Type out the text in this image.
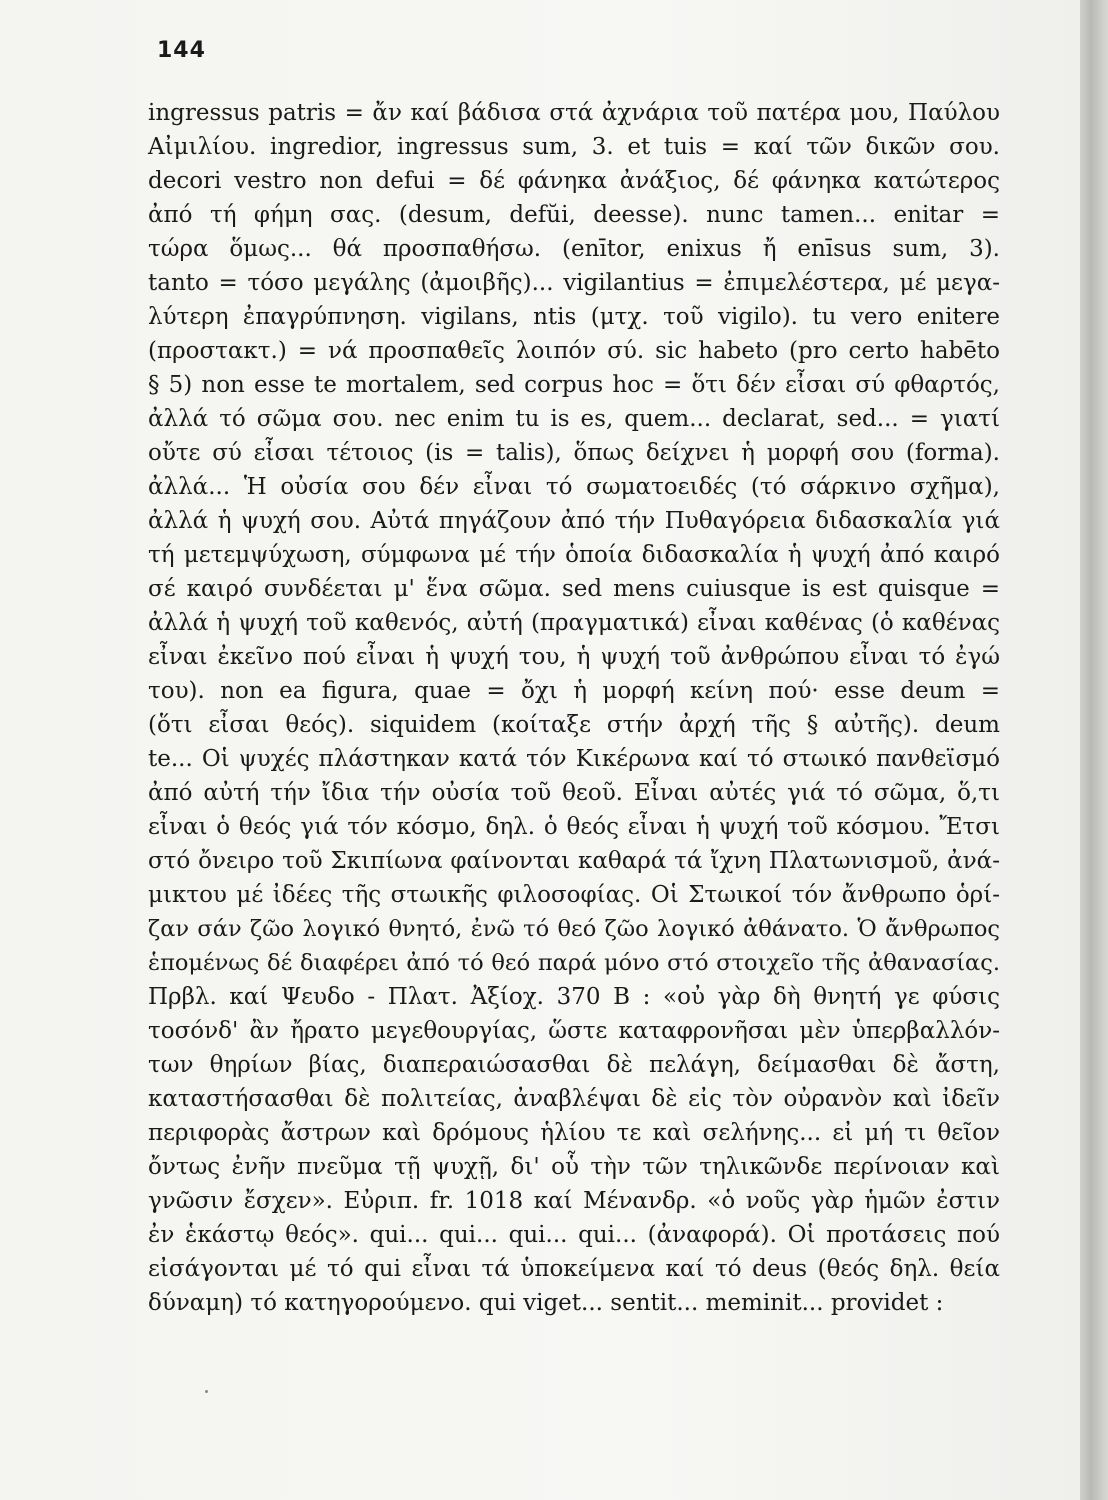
144
ingressus patris = ἄν καί βάδισα στά ἀχνάρια τοῦ πατέρα μου, Παύλου
Αἰμιλίου. ingredior, ingressus sum, 3. et tuis = καί τῶν δικῶν σου.
decori vestro non defui = δέ φάνηκα ἀνάξιος, δέ φάνηκα κατώτερος
ἀπό τή φήμη σας. (desum, defŭi, deesse). nunc tamen... enitar =
τώρα ὅμως... θά προσπαθήσω. (enītor, enixus ἤ enīsus sum, 3).
tanto = τόσο μεγάλης (ἀμοιβῆς)... vigilantius = ἐπιμελέστερα, μέ μεγα-
λύτερη ἐπαγρύπνηση. vigilans, ntis (μτχ. τοῦ vigilo). tu vero enitere
(προστακτ.) = νά προσπαθεῖς λοιπόν σύ. sic habeto (pro certo habēto
§ 5) non esse te mortalem, sed corpus hoc = ὅτι δέν εἶσαι σύ φθαρτός,
ἀλλά τό σῶμα σου. nec enim tu is es, quem... declarat, sed... = γιατί
οὔτε σύ εἶσαι τέτοιος (is = talis), ὅπως δείχνει ἡ μορφή σου (forma).
ἀλλά... Ἡ οὐσία σου δέν εἶναι τό σωματοειδές (τό σάρκινο σχῆμα),
ἀλλά ἡ ψυχή σου. Αὐτά πηγάζουν ἀπό τήν Πυθαγόρεια διδασκαλία γιά
τή μετεμψύχωση, σύμφωνα μέ τήν ὁποία διδασκαλία ἡ ψυχή ἀπό καιρό
σέ καιρό συνδέεται μ' ἕνα σῶμα. sed mens cuiusque is est quisque =
ἀλλά ἡ ψυχή τοῦ καθενός, αὐτή (πραγματικά) εἶναι καθένας (ὁ καθένας
εἶναι ἐκεῖνο πού εἶναι ἡ ψυχή του, ἡ ψυχή τοῦ ἀνθρώπου εἶναι τό ἐγώ
του). non ea figura, quae = ὄχι ἡ μορφή κείνη πού· esse deum =
(ὅτι εἶσαι θεός). siquidem (κοίταξε στήν ἀρχή τῆς § αὐτῆς). deum
te... Οἱ ψυχές πλάστηκαν κατά τόν Κικέρωνα καί τό στωικό πανθεϊσμό
ἀπό αὐτή τήν ἴδια τήν οὐσία τοῦ θεοῦ. Εἶναι αὐτές γιά τό σῶμα, ὅ,τι
εἶναι ὁ θεός γιά τόν κόσμο, δηλ. ὁ θεός εἶναι ἡ ψυχή τοῦ κόσμου. Ἔτσι
στό ὄνειρο τοῦ Σκιπίωνα φαίνονται καθαρά τά ἴχνη Πλατωνισμοῦ, ἀνά-
μικτου μέ ἰδέες τῆς στωικῆς φιλοσοφίας. Οἱ Στωικοί τόν ἄνθρωπο ὁρί-
ζαν σάν ζῶο λογικό θνητό, ἐνῶ τό θεό ζῶο λογικό ἀθάνατο. Ὁ ἄνθρωπος
ἑπομένως δέ διαφέρει ἀπό τό θεό παρά μόνο στό στοιχεῖο τῆς ἀθανασίας.
Πρβλ. καί Ψευδο - Πλατ. Ἀξίοχ. 370 Β : «οὐ γὰρ δὴ θνητή γε φύσις
τοσόνδ' ἂν ἤρατο μεγεθουργίας, ὥστε καταφρονῆσαι μὲν ὑπερβαλλόν-
των θηρίων βίας, διαπεραιώσασθαι δὲ πελάγη, δείμασθαι δὲ ἄστη,
καταστήσασθαι δὲ πολιτείας, ἀναβλέψαι δὲ εἰς τὸν οὐρανὸν καὶ ἰδεῖν
περιφορὰς ἄστρων καὶ δρόμους ἡλίου τε καὶ σελήνης... εἰ μή τι θεῖον
ὄντως ἐνῆν πνεῦμα τῇ ψυχῇ, δι' οὗ τὴν τῶν τηλικῶνδε περίνοιαν καὶ
γνῶσιν ἔσχεν». Εὐριπ. fr. 1018 καί Μένανδρ. «ὁ νοῦς γὰρ ἡμῶν ἐστιν
ἐν ἑκάστῳ θεός». qui... qui... qui... qui... (ἀναφορά). Οἱ προτάσεις πού
εἰσάγονται μέ τό qui εἶναι τά ὑποκείμενα καί τό deus (θεός δηλ. θεία
δύναμη) τό κατηγορούμενο. qui viget... sentit... meminit... providet :
